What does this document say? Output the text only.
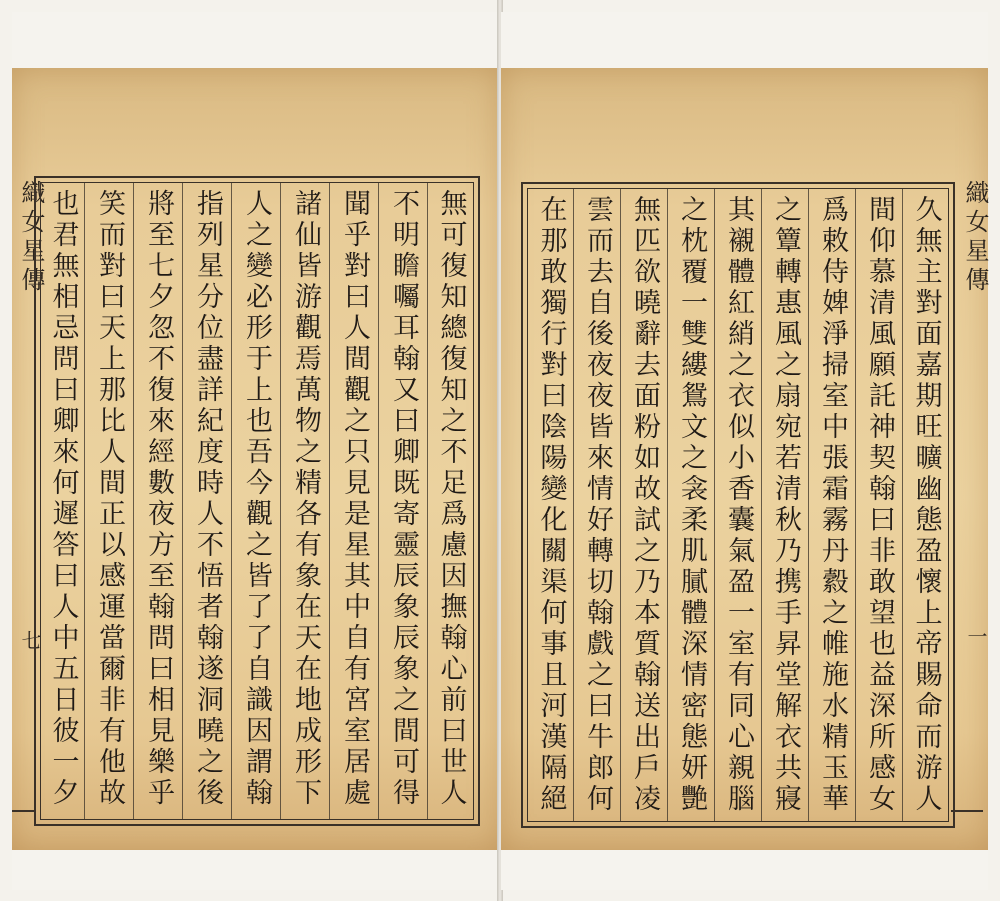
織女星傳
七	無可復知總復知之不足爲慮因撫翰心前曰世人
不明瞻囑耳翰又曰卿既寄靈辰象辰象之間可得
聞乎對曰人間觀之只見是星其中自有宮室居處
諸仙皆游觀焉萬物之精各有象在天在地成形下
人之變必形于上也吾今觀之皆了了自識因謂翰
指列星分位盡詳紀度時人不悟者翰遂洞曉之後
將至七夕忽不復來經數夜方至翰問曰相見樂乎
笑而對曰天上那比人間正以感運當爾非有他故
也君無相忌問曰卿來何遲答曰人中五日彼一夕	久無主對面嘉期旺曠幽態盈懷上帝賜命而游人
間仰慕清風願託神契翰曰非敢望也益深所感女
爲敕侍婢淨掃室中張霜霧丹縠之帷施水精玉華
之簟轉惠風之扇宛若清秋乃携手昇堂解衣共寢
其襯體紅綃之衣似小香囊氣盈一室有同心親腦
之枕覆一雙縷鴛文之衾柔肌膩體深情密態妍艷
無匹欲曉辭去面粉如故試之乃本質翰送出戶凌
雲而去自後夜夜皆來情好轉切翰戲之曰牛郎何
在那敢獨行對曰陰陽變化關渠何事且河漢隔絕	織女星傳
一
